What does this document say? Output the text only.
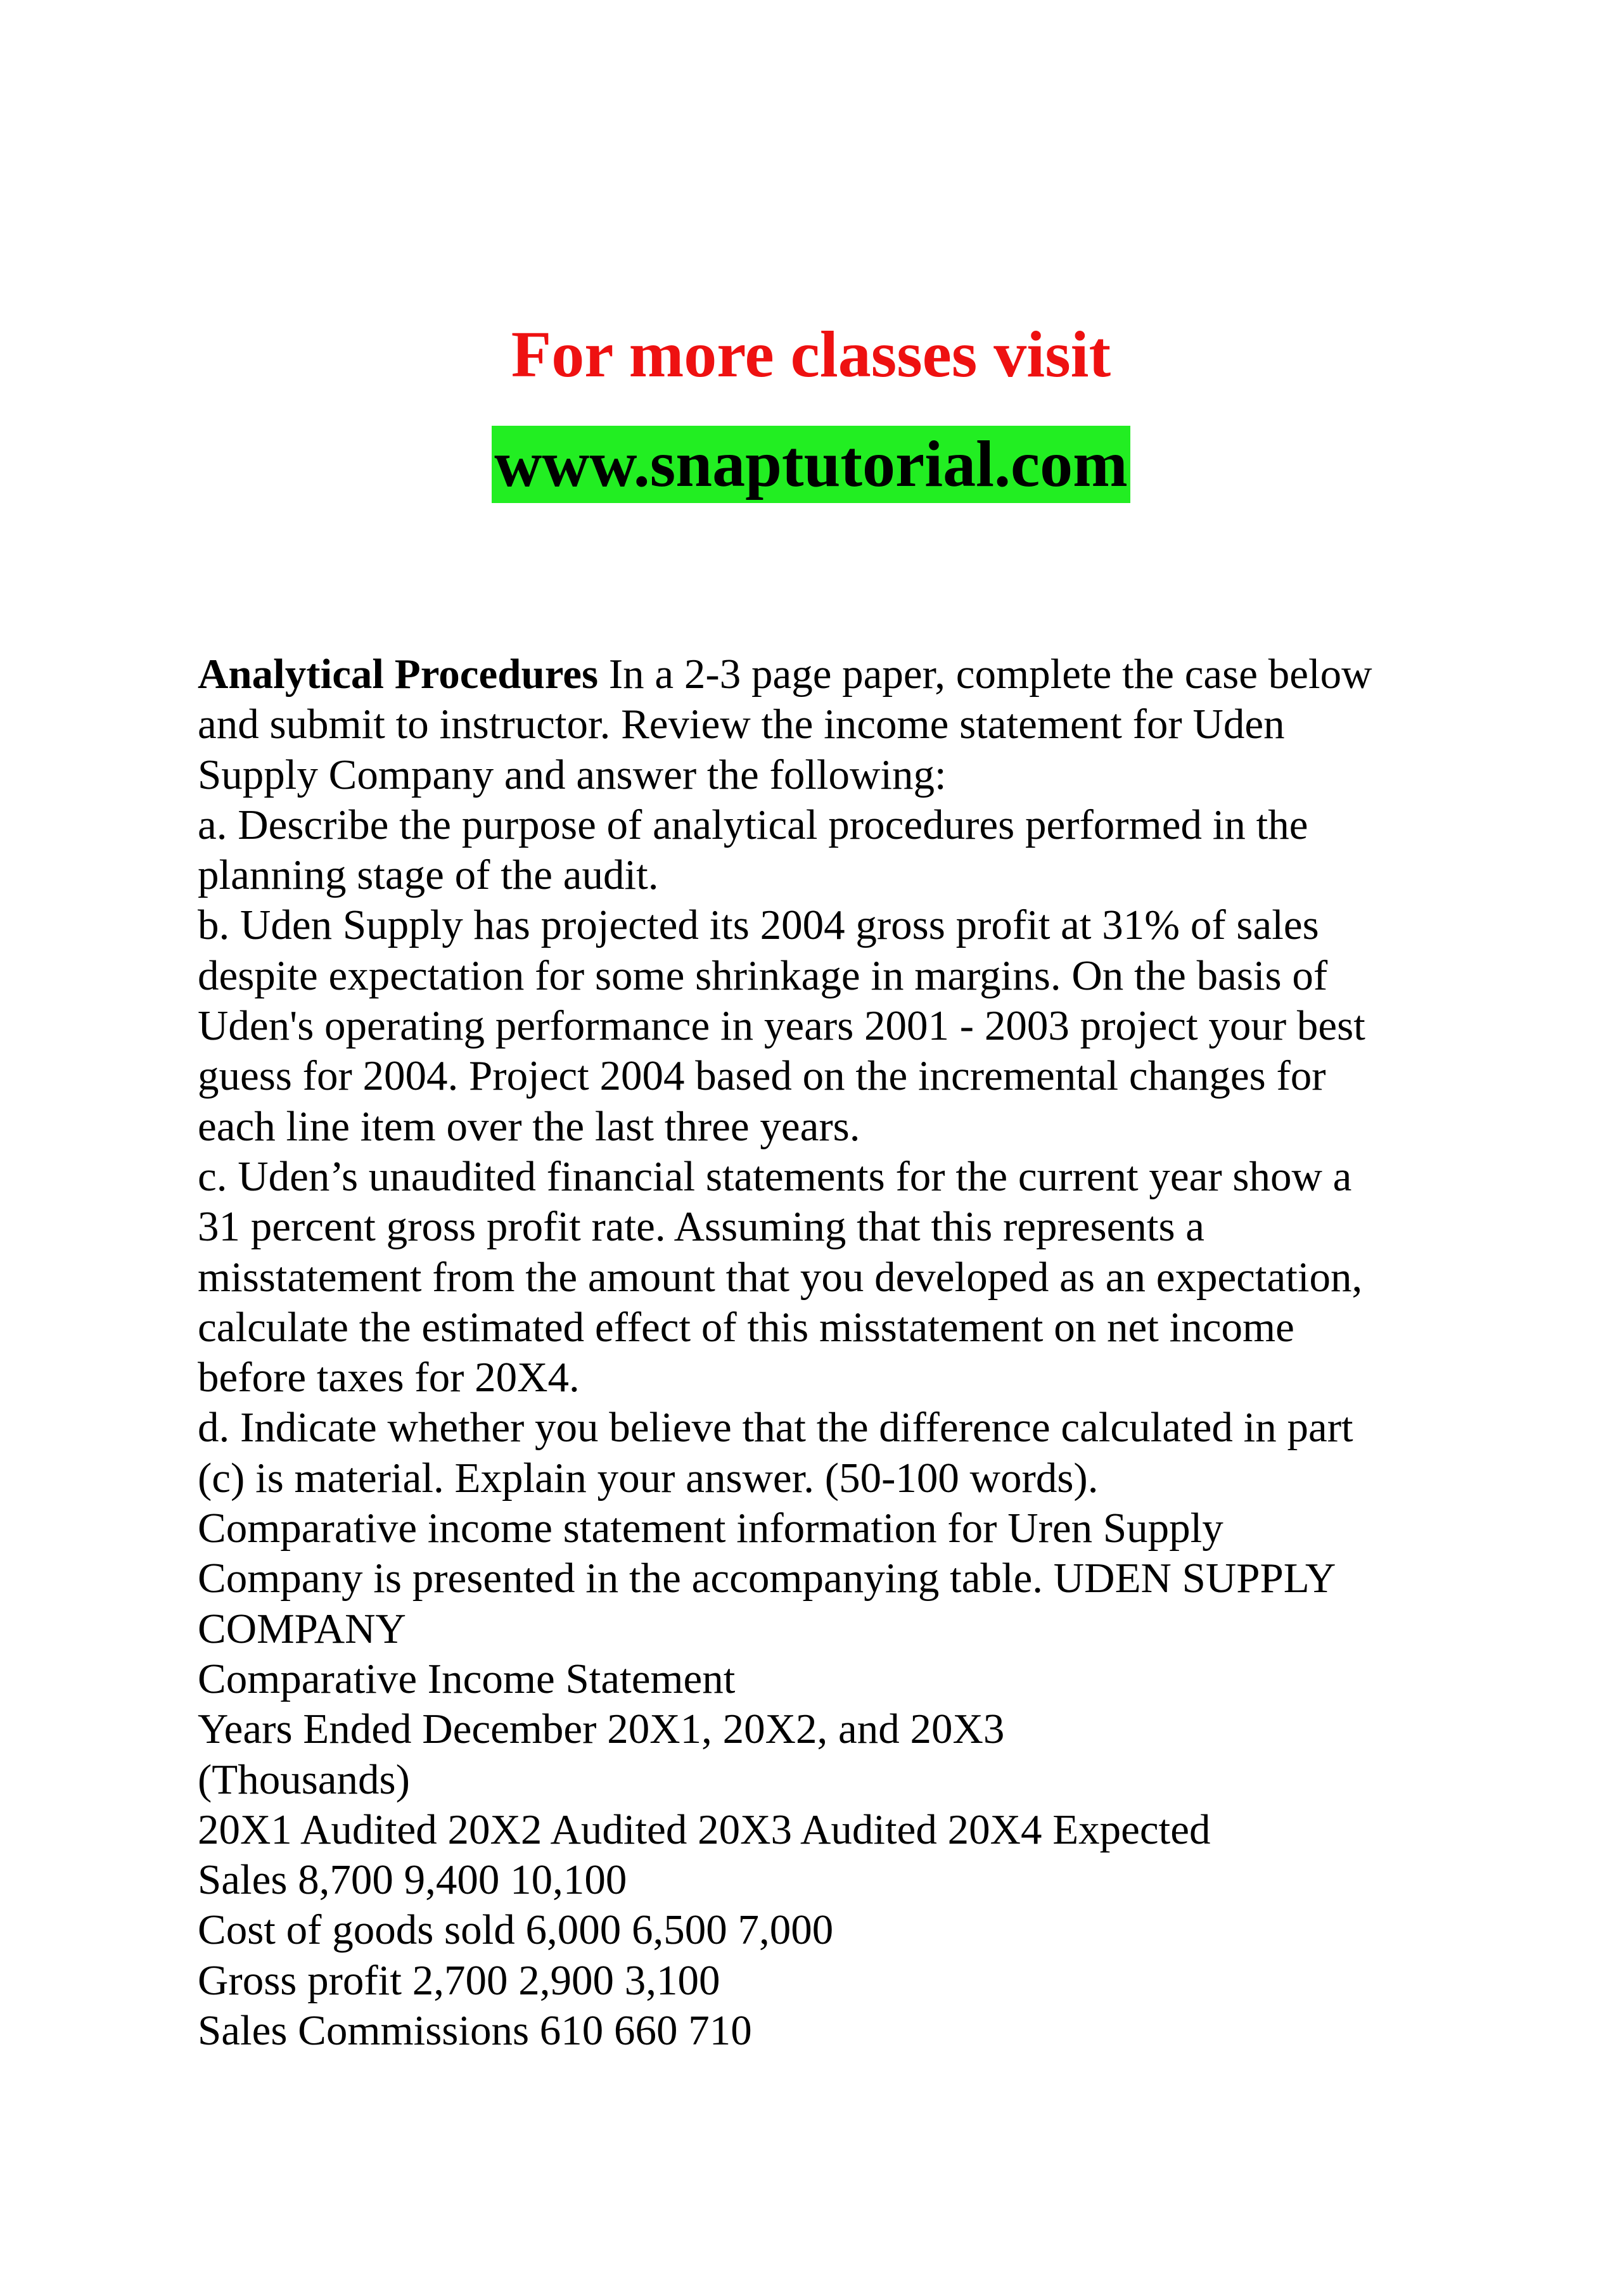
For more classes visit
www.snaptutorial.com

Analytical Procedures In a 2-3 page paper, complete the case below

and submit to instructor. Review the income statement for Uden

Supply Company and answer the following:

a. Describe the purpose of analytical procedures performed in the

planning stage of the audit.

b. Uden Supply has projected its 2004 gross profit at 31% of sales

despite expectation for some shrinkage in margins. On the basis of

Uden's operating performance in years 2001 - 2003 project your best

guess for 2004. Project 2004 based on the incremental changes for

each line item over the last three years.

c. Uden’s unaudited financial statements for the current year show a

31 percent gross profit rate. Assuming that this represents a

misstatement from the amount that you developed as an expectation,

calculate the estimated effect of this misstatement on net income

before taxes for 20X4.

d. Indicate whether you believe that the difference calculated in part

(c) is material. Explain your answer. (50-100 words).

Comparative income statement information for Uren Supply

Company is presented in the accompanying table. UDEN SUPPLY

COMPANY

Comparative Income Statement

Years Ended December 20X1, 20X2, and 20X3

(Thousands)

20X1 Audited 20X2 Audited 20X3 Audited 20X4 Expected

Sales 8,700 9,400 10,100

Cost of goods sold 6,000 6,500 7,000

Gross profit 2,700 2,900 3,100

Sales Commissions 610 660 710
